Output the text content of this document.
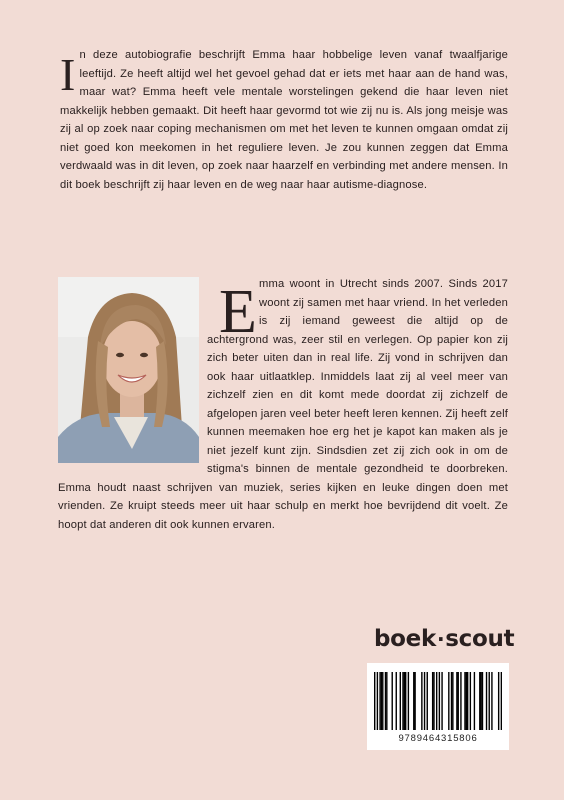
I n deze autobiografie beschrijft Emma haar hobbelige leven vanaf twaalfjarige leeftijd. Ze heeft altijd wel het gevoel gehad dat er iets met haar aan de hand was, maar wat? Emma heeft vele mentale worstelingen gekend die haar leven niet makkelijk hebben gemaakt. Dit heeft haar gevormd tot wie zij nu is. Als jong meisje was zij al op zoek naar coping mechanismen om met het leven te kunnen omgaan omdat zij niet goed kon meekomen in het reguliere leven. Je zou kunnen zeggen dat Emma verdwaald was in dit leven, op zoek naar haarzelf en verbinding met andere mensen. In dit boek beschrijft zij haar leven en de weg naar haar autisme-diagnose.
E mma woont in Utrecht sinds 2007. Sinds 2017 woont zij samen met haar vriend. In het verleden is zij iemand geweest die altijd op de achtergrond was, zeer stil en verlegen. Op papier kon zij zich beter uiten dan in real life. Zij vond in schrijven dan ook haar uitlaatklep. Inmiddels laat zij al veel meer van zichzelf zien en dit komt mede doordat zij zichzelf de afgelopen jaren veel beter heeft leren kennen. Zij heeft zelf kunnen meemaken hoe erg het je kapot kan maken als je niet jezelf kunt zijn. Sindsdien zet zij zich ook in om de stigma's binnen de mentale gezondheid te doorbreken. Emma houdt naast schrijven van muziek, series kijken en leuke dingen doen met vrienden. Ze kruipt steeds meer uit haar schulp en merkt hoe bevrijdend dit voelt. Ze hoopt dat anderen dit ook kunnen ervaren.
boek·scout
9789464315806
